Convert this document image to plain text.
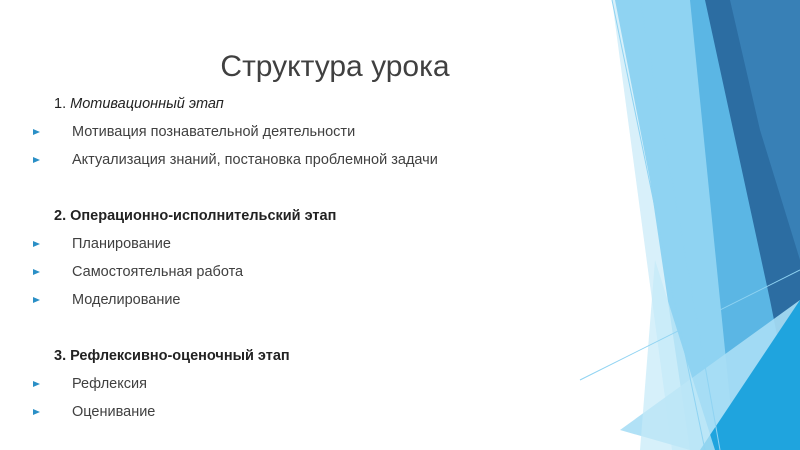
Структура урока
1. Мотивационный этап
Мотивация познавательной деятельности
Актуализация знаний, постановка проблемной задачи
2. Операционно-исполнительский этап
Планирование
Самостоятельная работа
Моделирование
3. Рефлексивно-оценочный этап
Рефлексия
Оценивание
